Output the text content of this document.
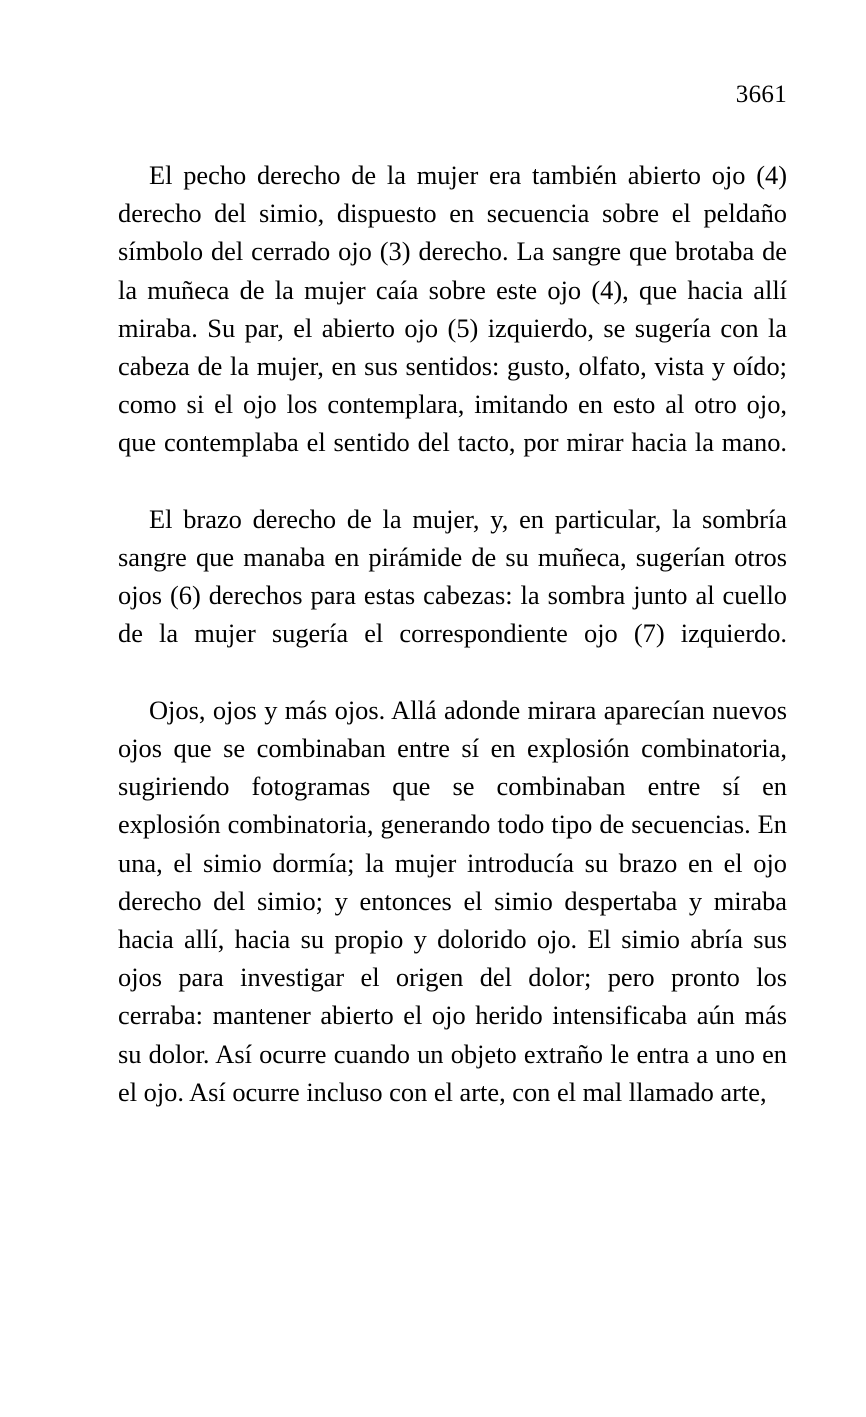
3661

El pecho derecho de la mujer era también abierto ojo (4) derecho del simio, dispuesto en secuencia sobre el peldaño símbolo del cerrado ojo (3) derecho. La sangre que brotaba de la muñeca de la mujer caía sobre este ojo (4), que hacia allí miraba. Su par, el abierto ojo (5) izquierdo, se sugería con la cabeza de la mujer, en sus sentidos: gusto, olfato, vista y oído; como si el ojo los contemplara, imitando en esto al otro ojo, que contemplaba el sentido del tacto, por mirar hacia la mano.

El brazo derecho de la mujer, y, en particular, la sombría sangre que manaba en pirámide de su muñeca, sugerían otros ojos (6) derechos para estas cabezas: la sombra junto al cuello de la mujer sugería el correspondiente ojo (7) izquierdo.

Ojos, ojos y más ojos. Allá adonde mirara aparecían nuevos ojos que se combinaban entre sí en explosión combinatoria, sugiriendo fotogramas que se combinaban entre sí en explosión combinatoria, generando todo tipo de secuencias. En una, el simio dormía; la mujer introducía su brazo en el ojo derecho del simio; y entonces el simio despertaba y miraba hacia allí, hacia su propio y dolorido ojo. El simio abría sus ojos para investigar el origen del dolor; pero pronto los cerraba: mantener abierto el ojo herido intensificaba aún más su dolor. Así ocurre cuando un objeto extraño le entra a uno en el ojo. Así ocurre incluso con el arte, con el mal llamado arte,
